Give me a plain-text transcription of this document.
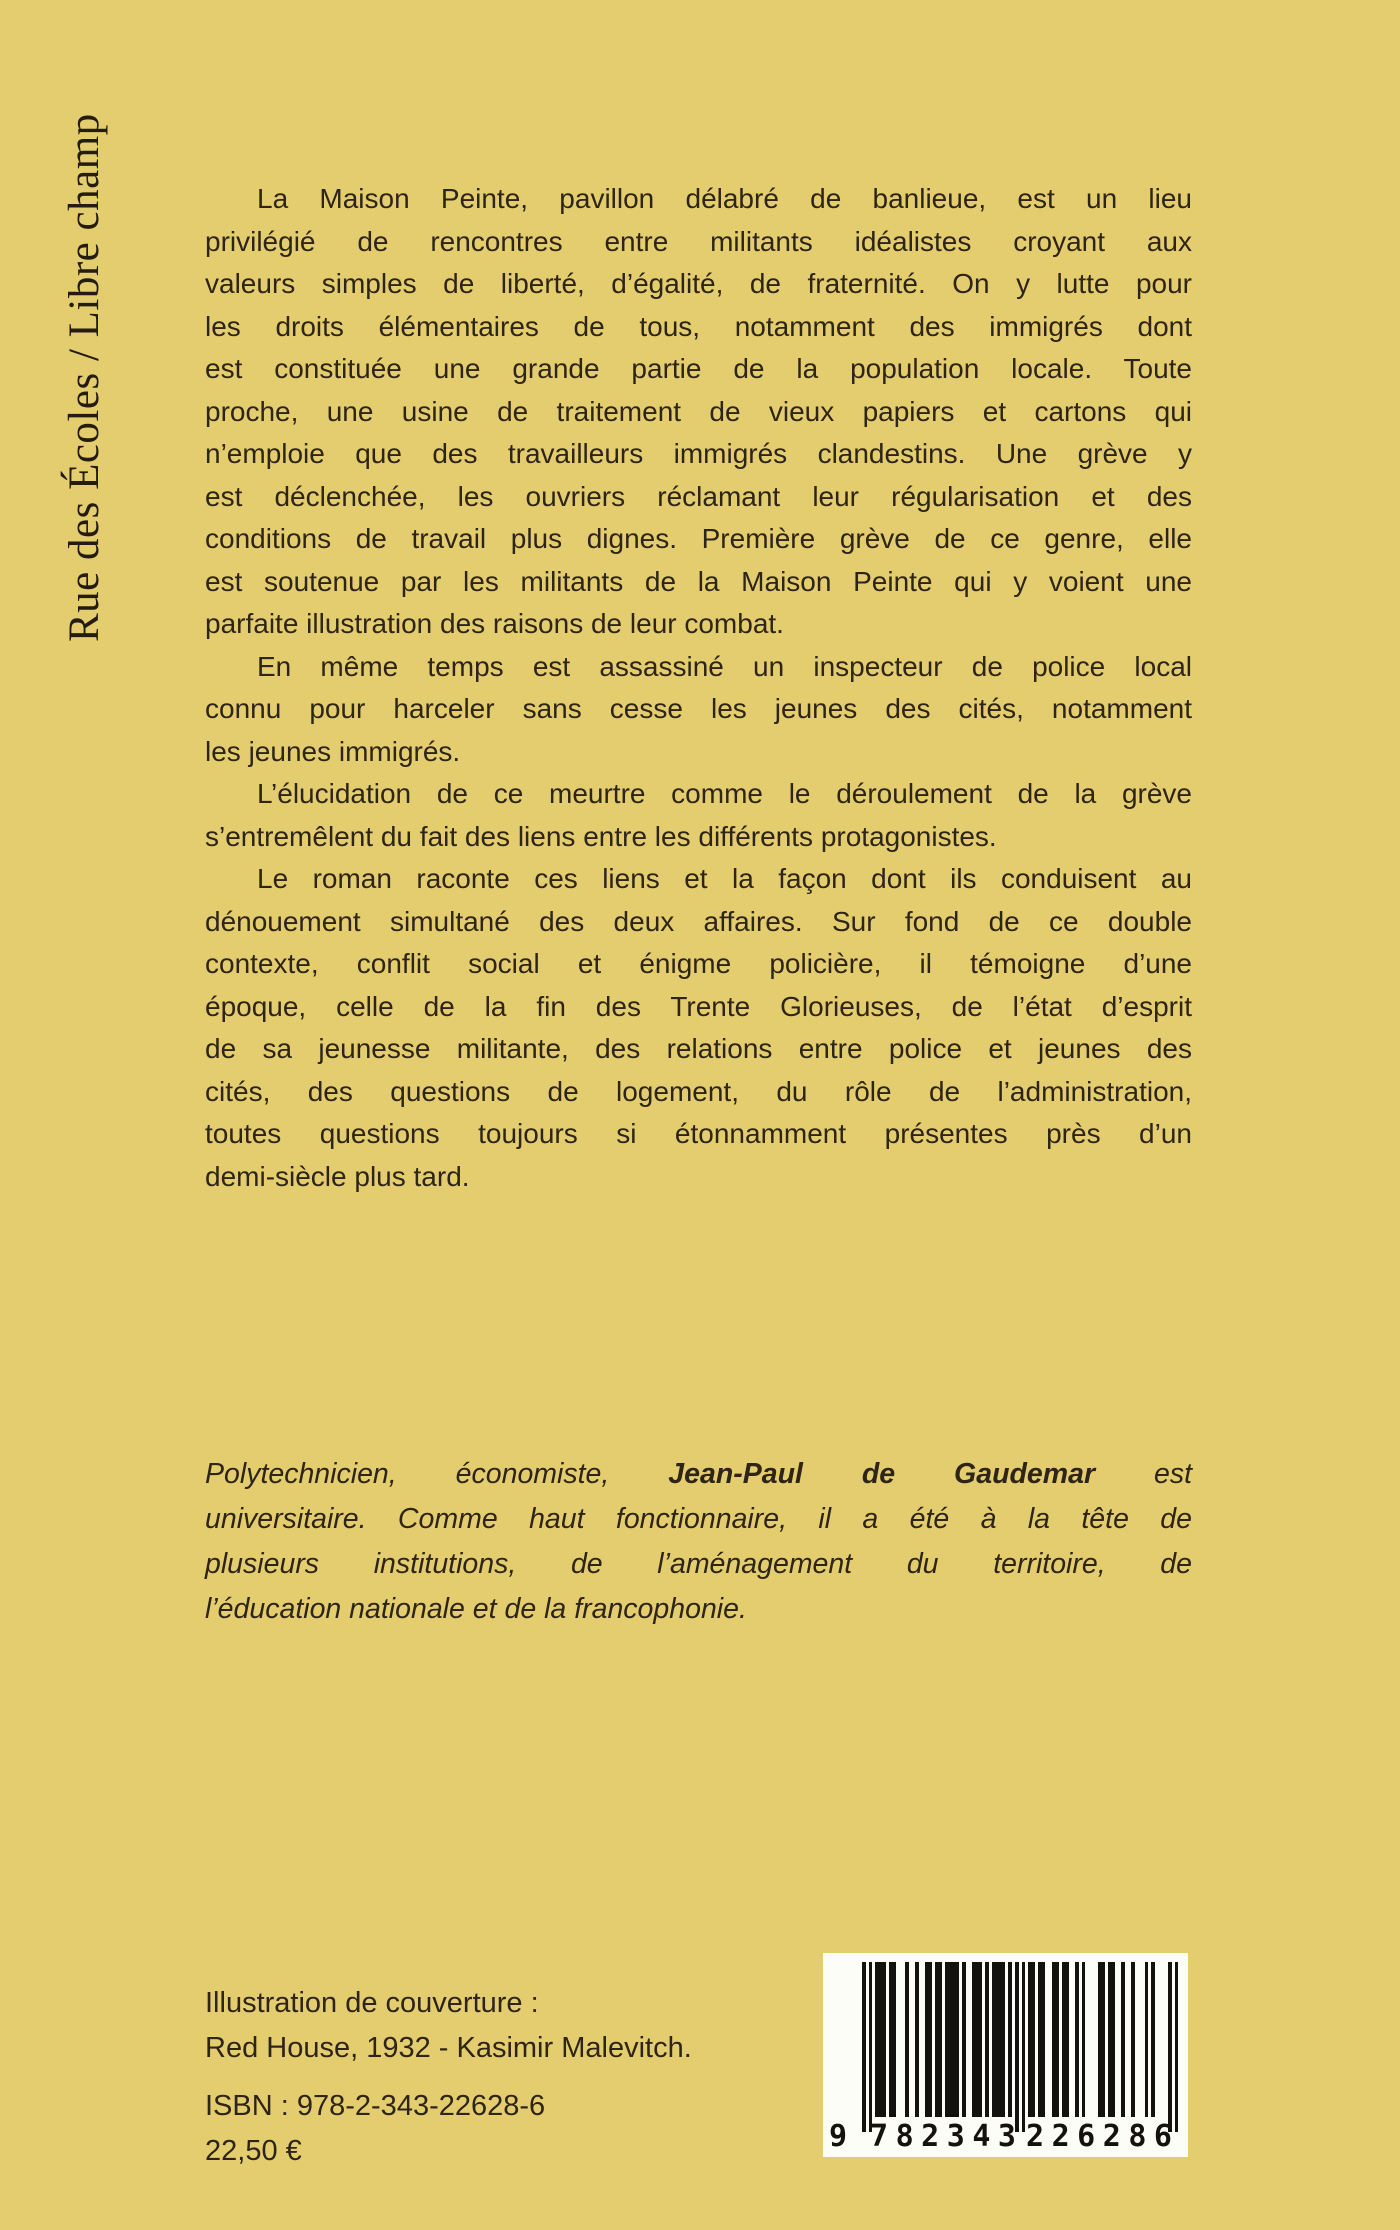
Rue des Écoles / Libre champ	La Maison Peinte, pavillon délabré de banlieue, est un lieu
privilégié de rencontres entre militants idéalistes croyant aux
valeurs simples de liberté, d’égalité, de fraternité. On y lutte pour
les droits élémentaires de tous, notamment des immigrés dont
est constituée une grande partie de la population locale. Toute
proche, une usine de traitement de vieux papiers et cartons qui
n’emploie que des travailleurs immigrés clandestins. Une grève y
est déclenchée, les ouvriers réclamant leur régularisation et des
conditions de travail plus dignes. Première grève de ce genre, elle
est soutenue par les militants de la Maison Peinte qui y voient une
parfaite illustration des raisons de leur combat.
En même temps est assassiné un inspecteur de police local
connu pour harceler sans cesse les jeunes des cités, notamment
les jeunes immigrés.
L’élucidation de ce meurtre comme le déroulement de la grève
s’entremêlent du fait des liens entre les différents protagonistes.
Le roman raconte ces liens et la façon dont ils conduisent au
dénouement simultané des deux affaires. Sur fond de ce double
contexte, conflit social et énigme policière, il témoigne d’une
époque, celle de la fin des Trente Glorieuses, de l’état d’esprit
de sa jeunesse militante, des relations entre police et jeunes des
cités, des questions de logement, du rôle de l’administration,
toutes questions toujours si étonnamment présentes près d’un
demi-siècle plus tard.
Polytechnicien, économiste, Jean-Paul de Gaudemar est
universitaire. Comme haut fonctionnaire, il a été à la tête de
plusieurs institutions, de l’aménagement du territoire, de
l’éducation nationale et de la francophonie.
Illustration de couverture :
Red House, 1932 - Kasimir Malevitch.
ISBN : 978-2-343-22628-6
22,50 €	9 7 8 2 3 4 3 2 2 6 2 8 6
